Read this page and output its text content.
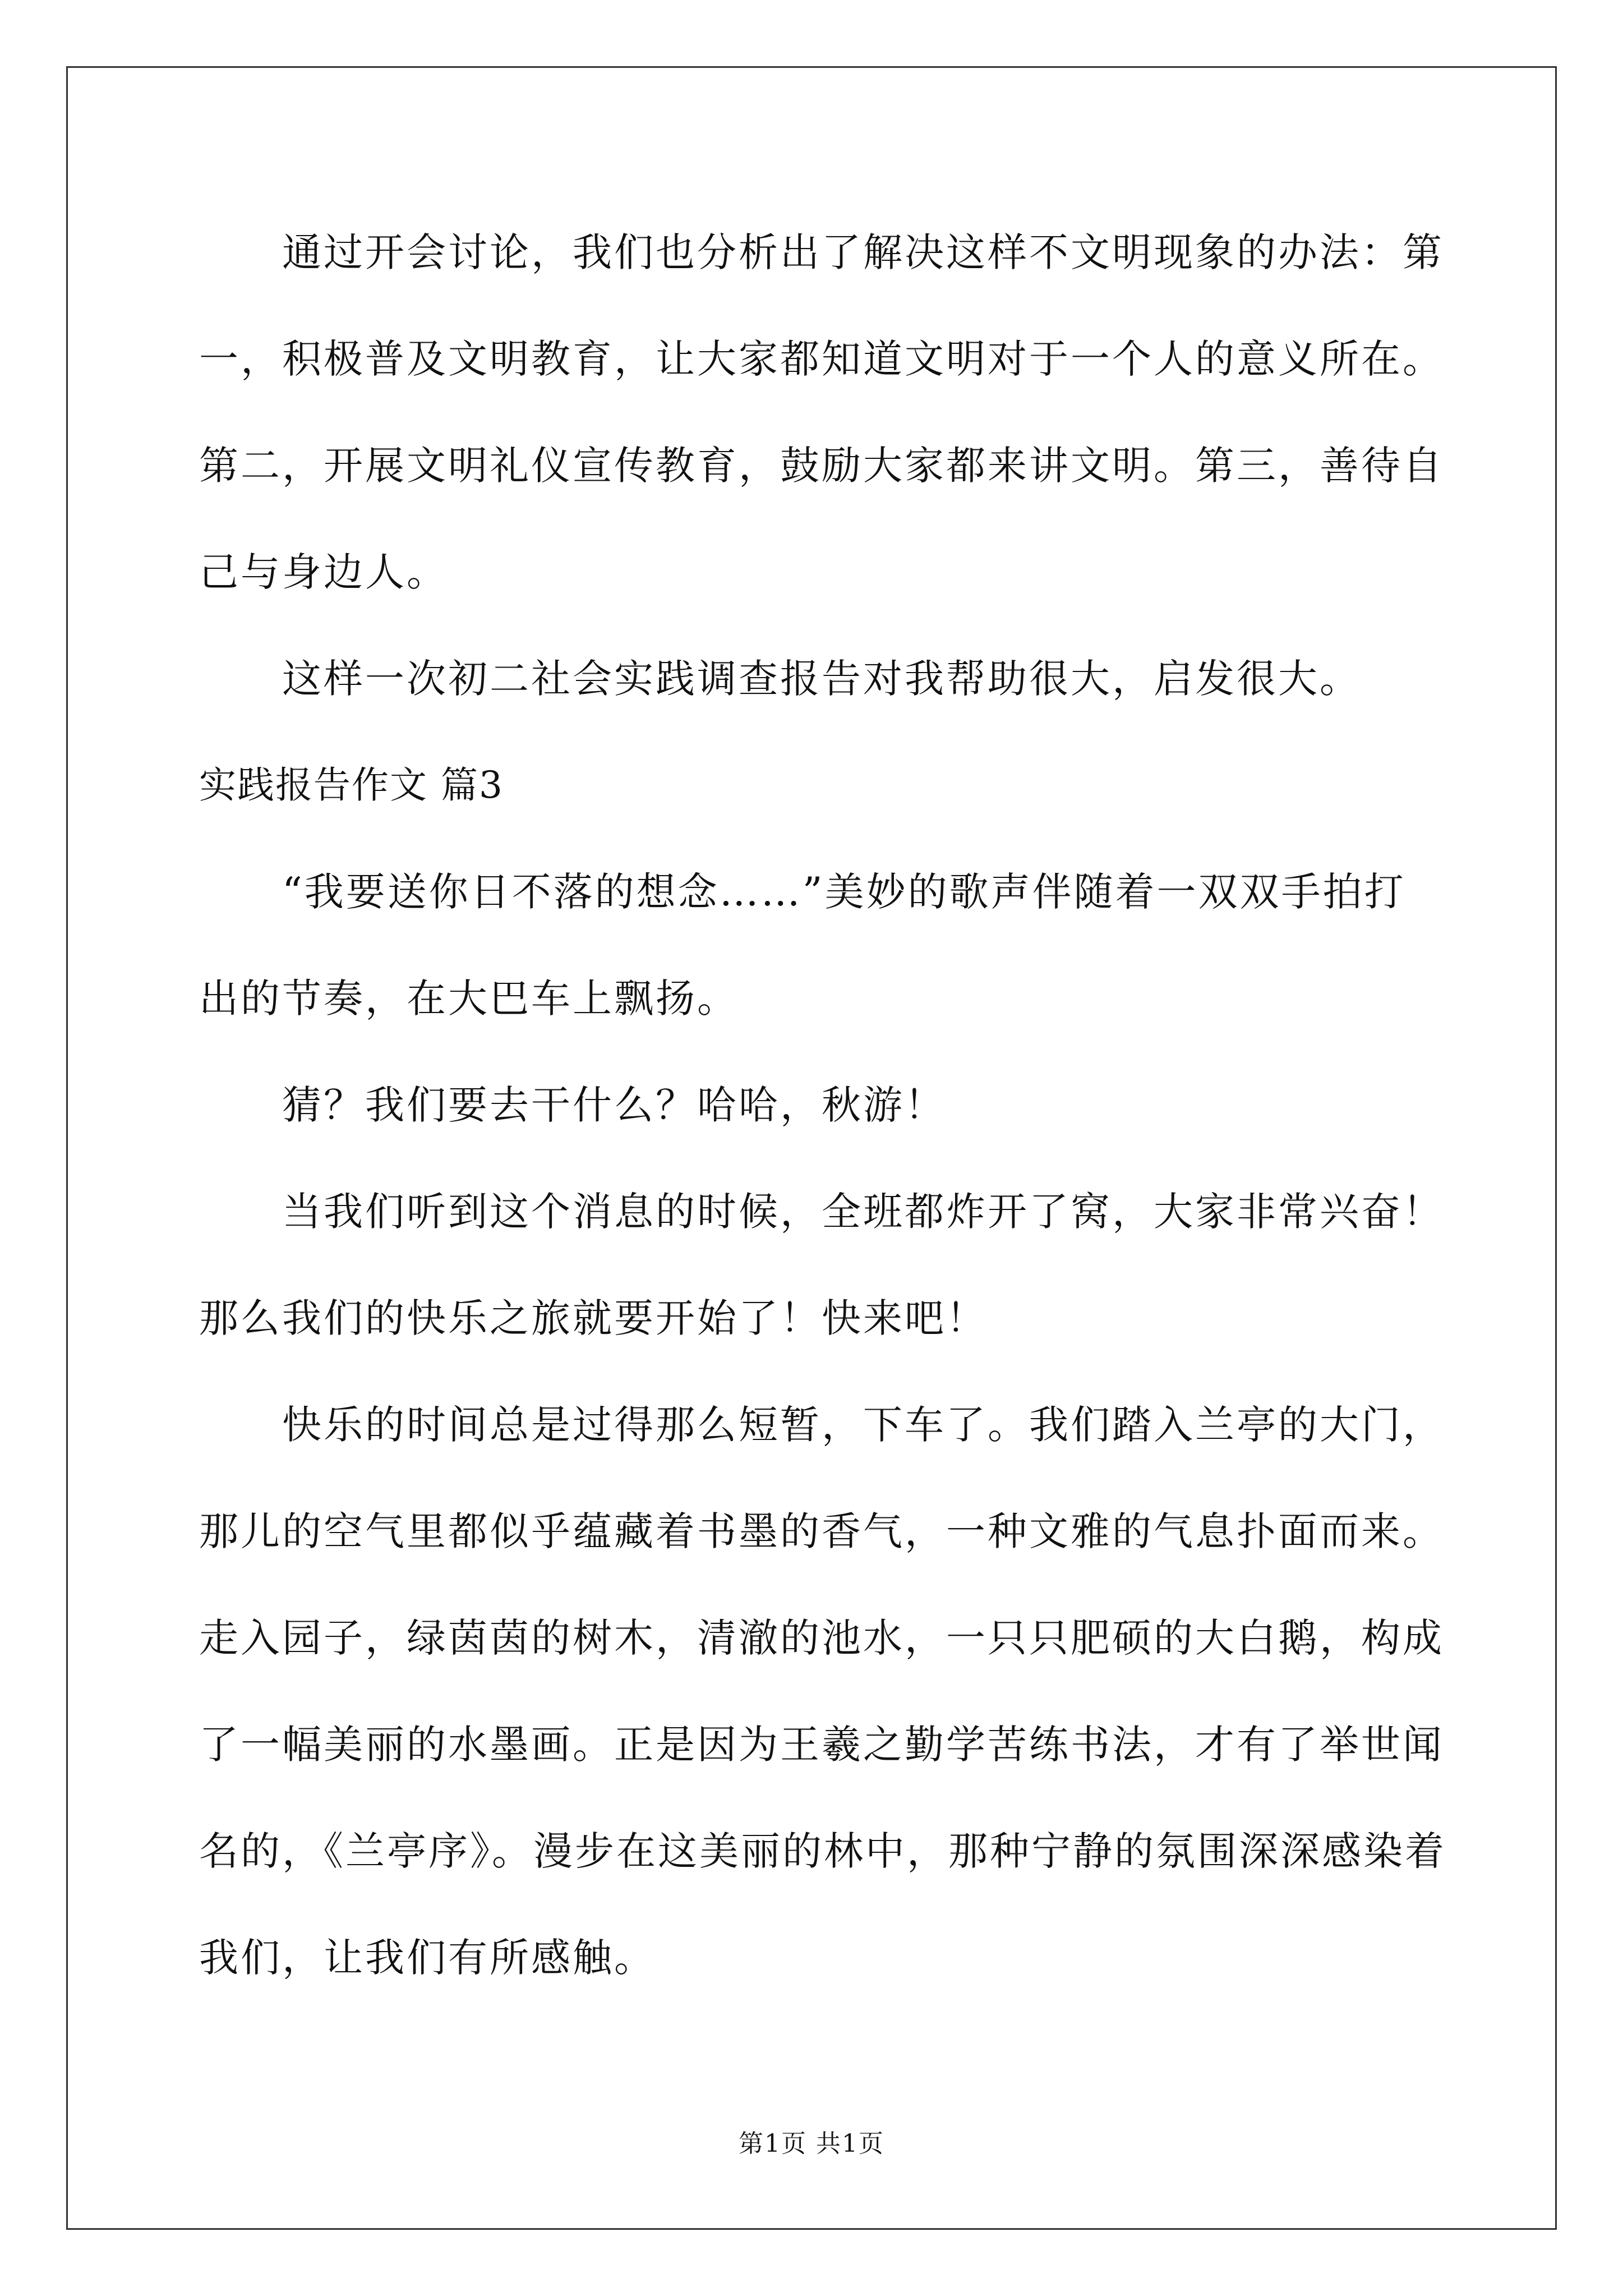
通过开会讨论，我们也分析出了解决这样不文明现象的办法：第
一，积极普及文明教育，让大家都知道文明对于一个人的意义所在。
第二，开展文明礼仪宣传教育，鼓励大家都来讲文明。第三，善待自
己与身边人。
这样一次初二社会实践调查报告对我帮助很大，启发很大。
实践报告作文 篇3
“我要送你日不落的想念……”美妙的歌声伴随着一双双手拍打
出的节奏，在大巴车上飘扬。
猜？我们要去干什么？哈哈，秋游！
当我们听到这个消息的时候，全班都炸开了窝，大家非常兴奋！
那么我们的快乐之旅就要开始了！快来吧！
快乐的时间总是过得那么短暂，下车了。我们踏入兰亭的大门，
那儿的空气里都似乎蕴藏着书墨的香气，一种文雅的气息扑面而来。
走入园子，绿茵茵的树木，清澈的池水，一只只肥硕的大白鹅，构成
了一幅美丽的水墨画。正是因为王羲之勤学苦练书法，才有了举世闻
名的，《兰亭序》。漫步在这美丽的林中，那种宁静的氛围深深感染着
我们，让我们有所感触。
第1页 共1页
